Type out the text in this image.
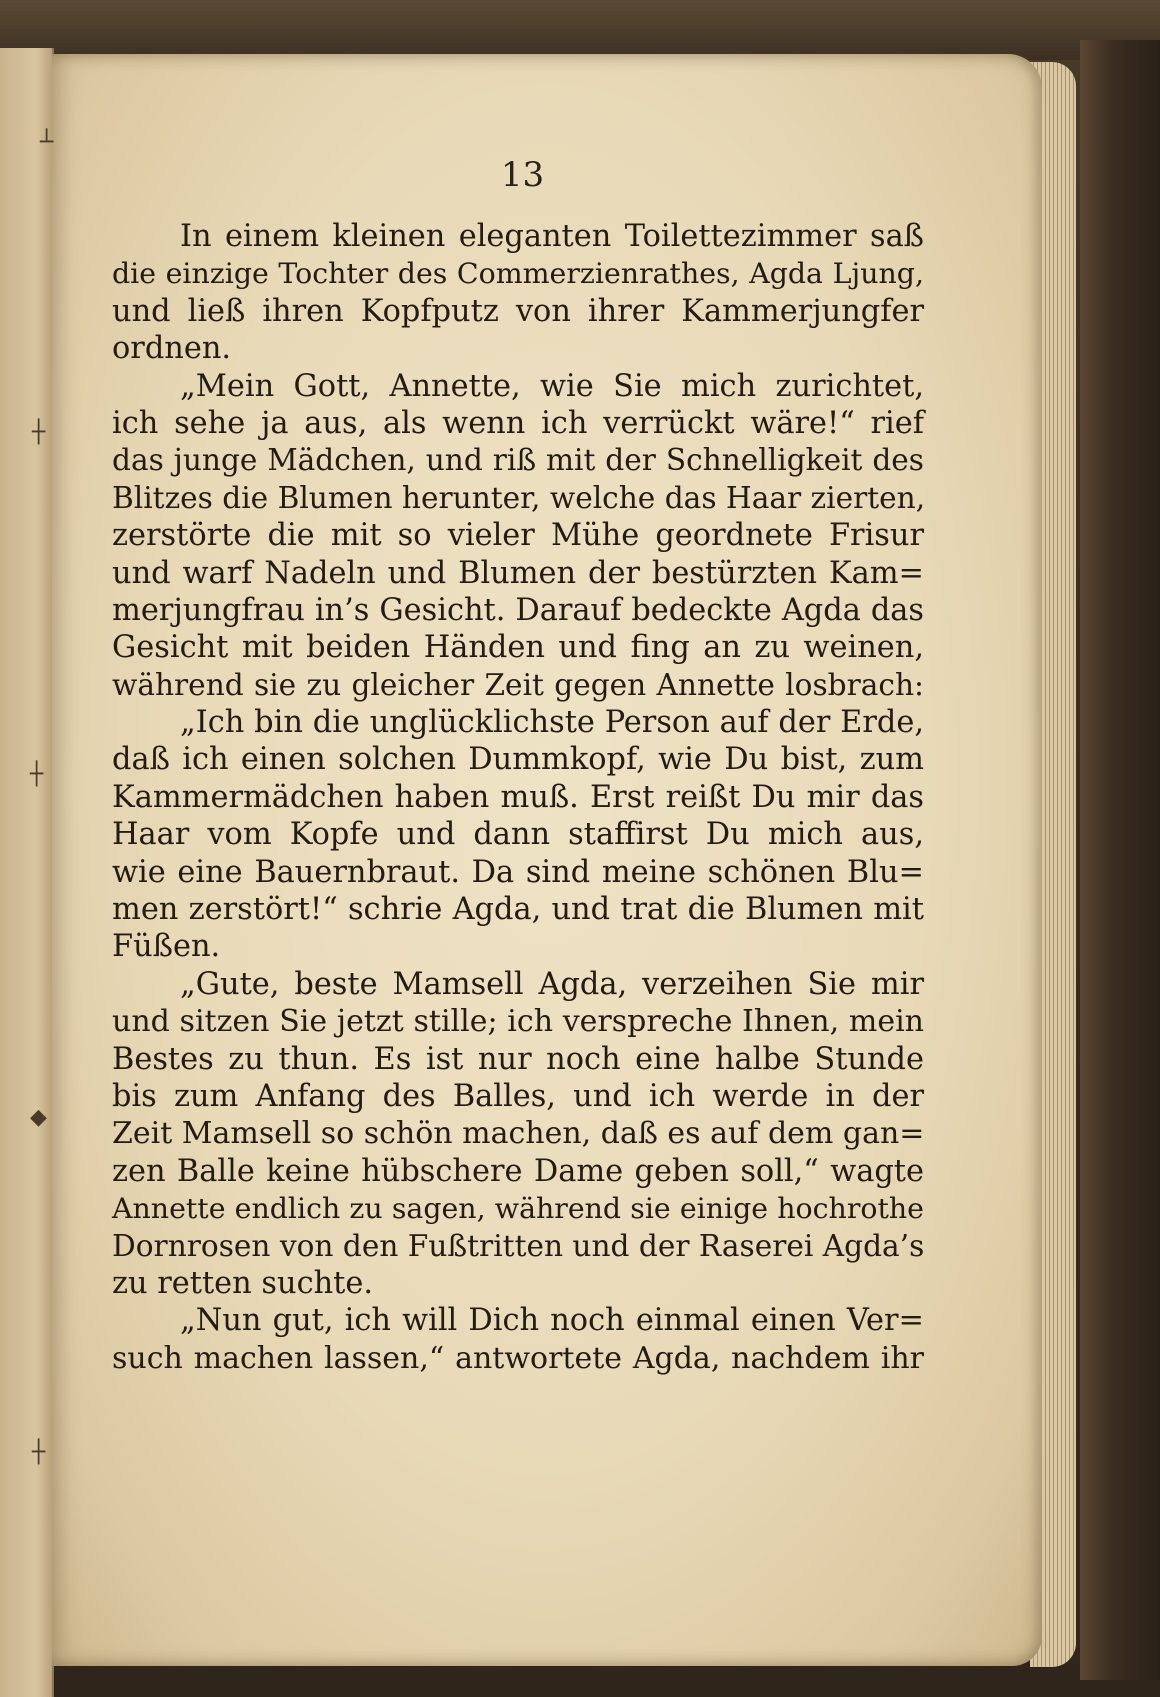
┴
┼
┼
◆
┼
13
In einem kleinen eleganten Toilettezimmer saß
die einzige Tochter des Commerzienrathes, Agda Ljung,
und ließ ihren Kopfputz von ihrer Kammerjungfer
ordnen.
„Mein Gott, Annette, wie Sie mich zurichtet,
ich sehe ja aus, als wenn ich verrückt wäre!“ rief
das junge Mädchen, und riß mit der Schnelligkeit des
Blitzes die Blumen herunter, welche das Haar zierten,
zerstörte die mit so vieler Mühe geordnete Frisur
und warf Nadeln und Blumen der bestürzten Kam=
merjungfrau in’s Gesicht. Darauf bedeckte Agda das
Gesicht mit beiden Händen und fing an zu weinen,
während sie zu gleicher Zeit gegen Annette losbrach:
„Ich bin die unglücklichste Person auf der Erde,
daß ich einen solchen Dummkopf, wie Du bist, zum
Kammermädchen haben muß. Erst reißt Du mir das
Haar vom Kopfe und dann staffirst Du mich aus,
wie eine Bauernbraut. Da sind meine schönen Blu=
men zerstört!“ schrie Agda, und trat die Blumen mit
Füßen.
„Gute, beste Mamsell Agda, verzeihen Sie mir
und sitzen Sie jetzt stille; ich verspreche Ihnen, mein
Bestes zu thun. Es ist nur noch eine halbe Stunde
bis zum Anfang des Balles, und ich werde in der
Zeit Mamsell so schön machen, daß es auf dem gan=
zen Balle keine hübschere Dame geben soll,“ wagte
Annette endlich zu sagen, während sie einige hochrothe
Dornrosen von den Fußtritten und der Raserei Agda’s
zu retten suchte.
„Nun gut, ich will Dich noch einmal einen Ver=
such machen lassen,“ antwortete Agda, nachdem ihr
